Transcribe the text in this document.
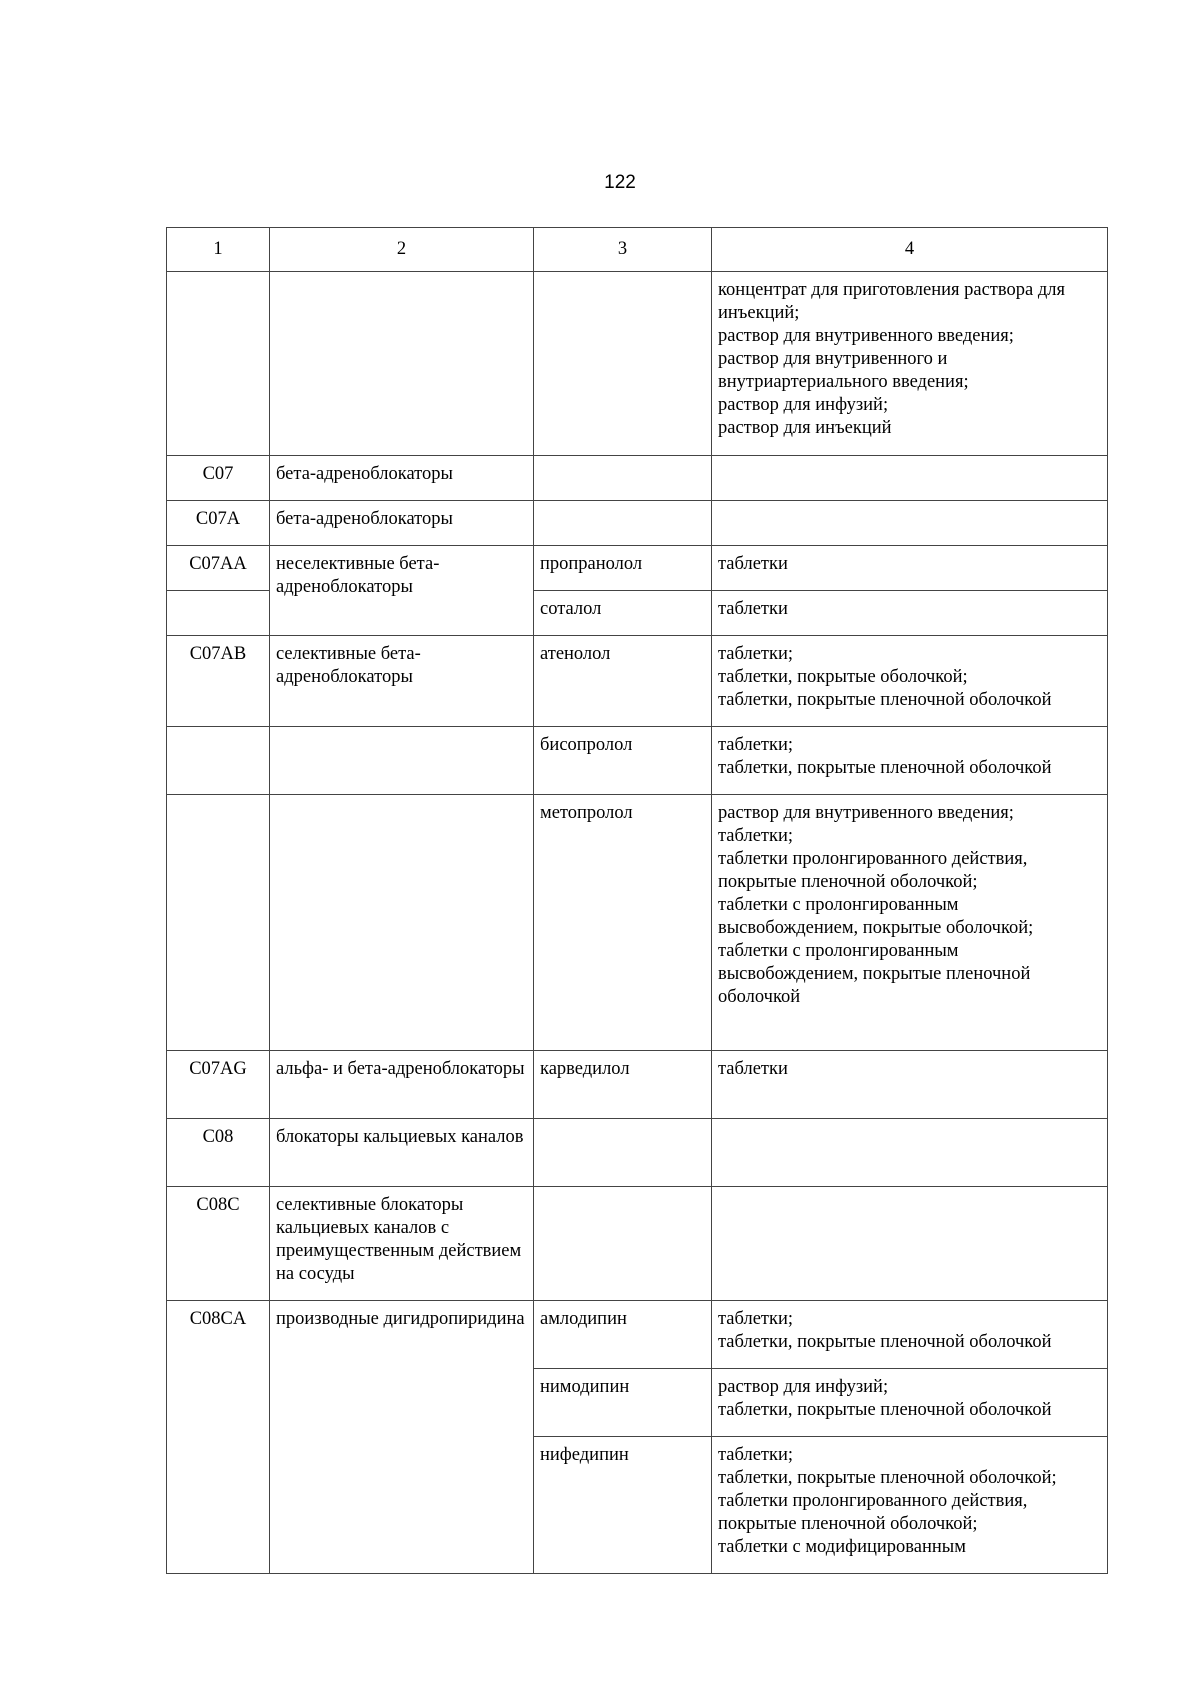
122
1	2	3	4

			концентрат для приготовления раствора для инъекций;
раствор для внутривенного введения;
раствор для внутривенного и внутриартериального введения;
раствор для инфузий;
раствор для инъекций

C07	бета-адреноблокаторы		
C07A	бета-адреноблокаторы		
C07AA	неселективные бета-адреноблокаторы	пропранолол	таблетки

		соталол	таблетки

C07AB	селективные бета-адреноблокаторы	атенолол	таблетки;
таблетки, покрытые оболочкой;
таблетки, покрытые пленочной оболочкой

		бисопролол	таблетки;
таблетки, покрытые пленочной оболочкой

		метопролол	раствор для внутривенного введения;
таблетки;
таблетки пролонгированного действия, покрытые пленочной оболочкой;
таблетки с пролонгированным высвобождением, покрытые оболочкой;
таблетки с пролонгированным высвобождением, покрытые пленочной оболочкой

C07AG	альфа- и бета-адреноблокаторы	карведилол	таблетки

C08	блокаторы кальциевых каналов		
C08C	селективные блокаторы кальциевых каналов с преимущественным действием на сосуды		
C08CA	производные дигидропиридина	амлодипин	таблетки;
таблетки, покрытые пленочной оболочкой

		нимодипин	раствор для инфузий;
таблетки, покрытые пленочной оболочкой

		нифедипин	таблетки;
таблетки, покрытые пленочной оболочкой;
таблетки пролонгированного действия, покрытые пленочной оболочкой;
таблетки с модифицированным
